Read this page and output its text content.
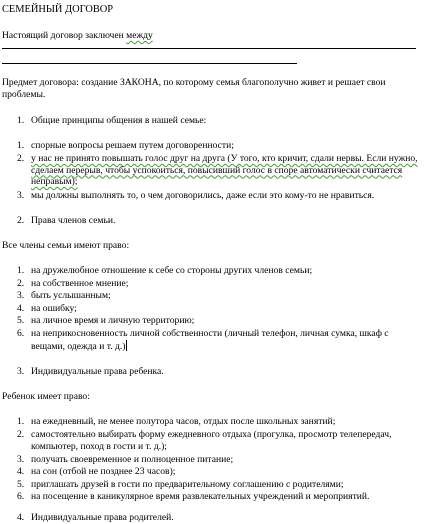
СЕМЕЙНЫЙ ДОГОВОР
Настоящий договор заключен между
Предмет договора: создание ЗАКОНА, по которому семья благополучно живет и решает свои проблемы.
1. Общие принципы общения в нашей семье:
1. спорные вопросы решаем путем договоренности;
2. у нас не принято повышать голос друг на друга (У того, кто кричит, сдали нервы. Если нужно, сделаем перерыв, чтобы успокоиться, повысивший голос в споре автоматически считается неправым);
3. мы должны выполнять то, о чем договорились, даже если это кому-то не нравиться.
2. Права членов семьи.
Все члены семьи имеют право:
1. на дружелюбное отношение к себе со стороны других членов семьи;
2. на собственное мнение;
3. быть услышанным;
4. на ошибку;
5. на личное время и личную территорию;
6. на неприкосновенность личной собственности (личный телефон, личная сумка, шкаф с вещами, одежда и т. д.)
3. Индивидуальные права ребенка.
Ребенок имеет право:
1. на ежедневный, не менее полутора часов, отдых после школьных занятий;
2. самостоятельно выбирать форму ежедневного отдыха (прогулка, просмотр телепередач, компьютер, поход в гости и т. д.);
3. получать своевременное и полноценное питание;
4. на сон (отбой не позднее 23 часов);
5. приглашать друзей в гости по предварительному соглашению с родителями;
6. на посещение в каникулярное время развлекательных учреждений и мероприятий.
4. Индивидуальные права родителей.
